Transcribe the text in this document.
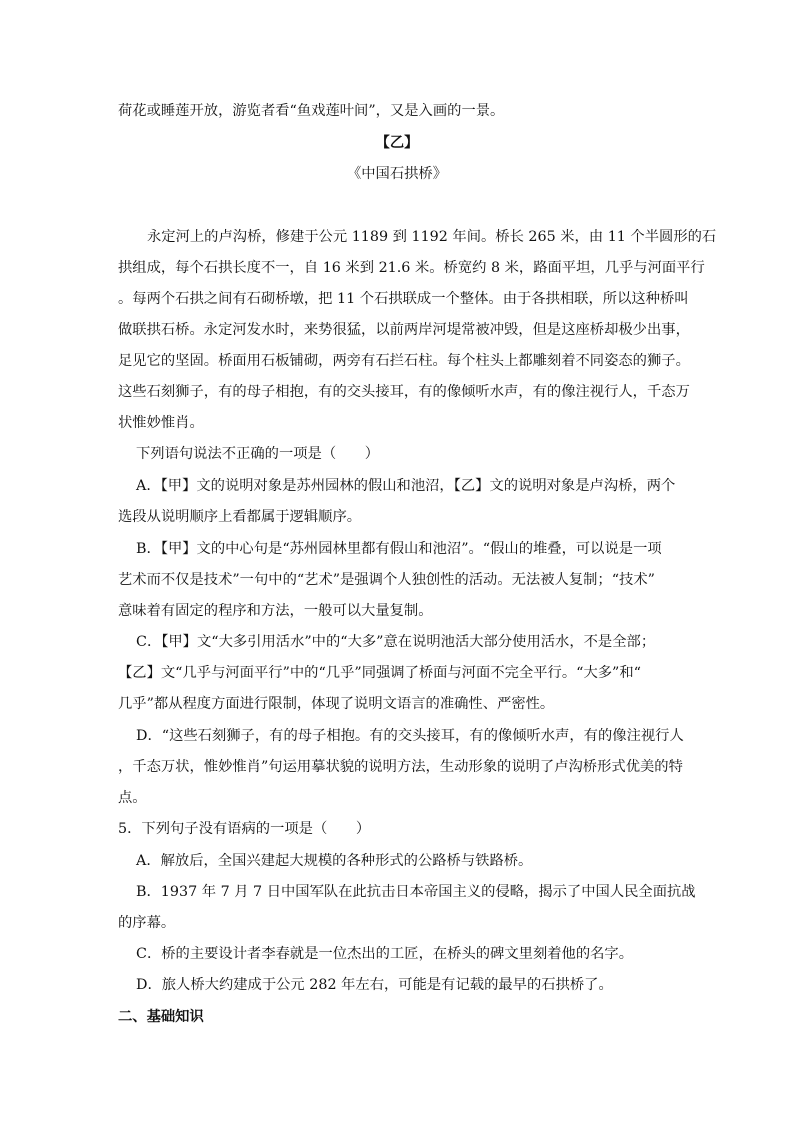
荷花或睡莲开放，游览者看“鱼戏莲叶间”，又是入画的一景。
【乙】
《中国石拱桥》
永定河上的卢沟桥，修建于公元 1189 到 1192 年间。桥长 265 米，由 11 个半圆形的石
拱组成，每个石拱长度不一，自 16 米到 21.6 米。桥宽约 8 米，路面平坦，几乎与河面平行
。每两个石拱之间有石砌桥墩，把 11 个石拱联成一个整体。由于各拱相联，所以这种桥叫
做联拱石桥。永定河发水时，来势很猛，以前两岸河堤常被冲毁，但是这座桥却极少出事，
足见它的坚固。桥面用石板铺砌，两旁有石拦石柱。每个柱头上都雕刻着不同姿态的狮子。
这些石刻狮子，有的母子相抱，有的交头接耳，有的像倾听水声，有的像注视行人，千态万
状惟妙惟肖。
下列语句说法不正确的一项是（　　）
A．【甲】文的说明对象是苏州园林的假山和池沼，【乙】文的说明对象是卢沟桥，两个
选段从说明顺序上看都属于逻辑顺序。
B．【甲】文的中心句是“苏州园林里都有假山和池沼”。“假山的堆叠，可以说是一项
艺术而不仅是技术”一句中的“艺术”是强调个人独创性的活动。无法被人复制；“技术”
意味着有固定的程序和方法，一般可以大量复制。
C．【甲】文“大多引用活水”中的“大多”意在说明池活大部分使用活水，不是全部；
【乙】文“几乎与河面平行”中的“几乎”同强调了桥面与河面不完全平行。“大多”和“
几乎”都从程度方面进行限制，体现了说明文语言的准确性、严密性。
D．“这些石刻狮子，有的母子相抱。有的交头接耳，有的像倾听水声，有的像注视行人
，千态万状，惟妙惟肖”句运用摹状貌的说明方法，生动形象的说明了卢沟桥形式优美的特
点。
5．下列句子没有语病的一项是（　　）
A．解放后，全国兴建起大规模的各种形式的公路桥与铁路桥。
B．1937 年 7 月 7 日中国军队在此抗击日本帝国主义的侵略，揭示了中国人民全面抗战
的序幕。
C．桥的主要设计者李春就是一位杰出的工匠，在桥头的碑文里刻着他的名字。
D．旅人桥大约建成于公元 282 年左右，可能是有记载的最早的石拱桥了。
二、基础知识
